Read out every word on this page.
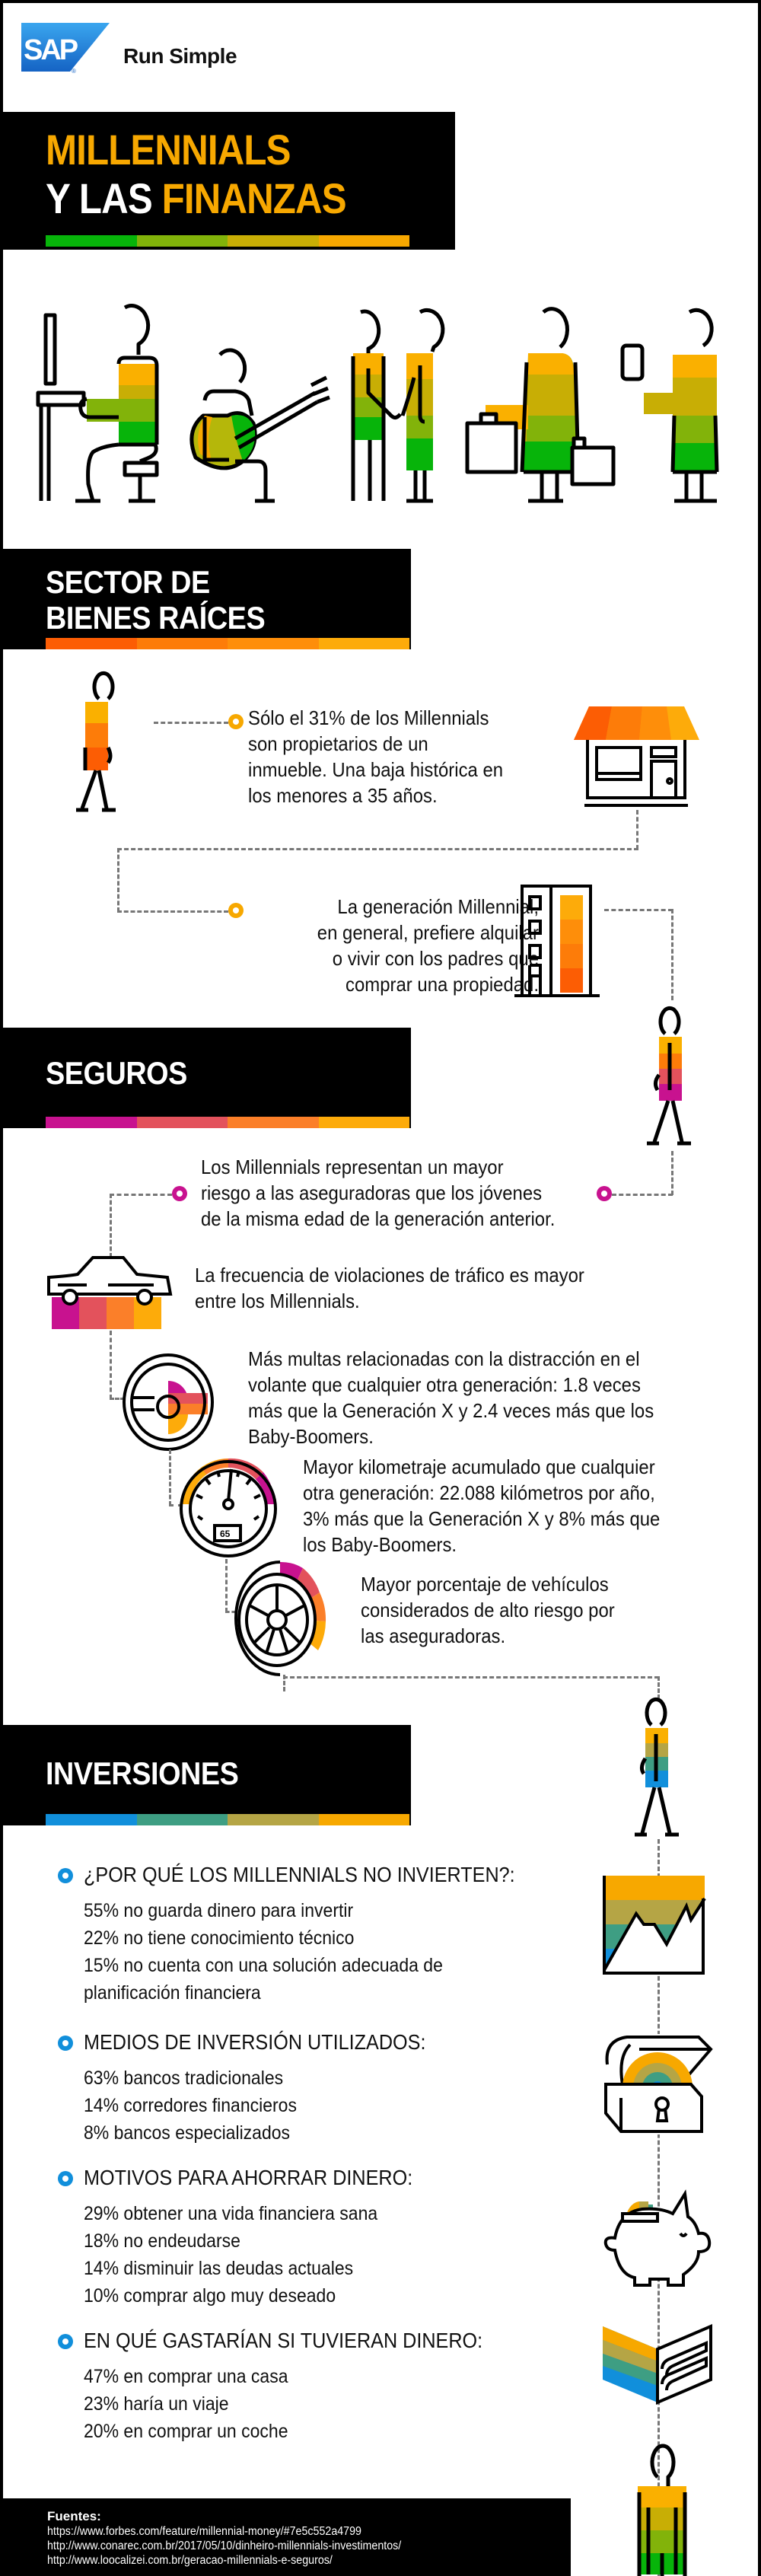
SAP
®
Run Simple
MILLENNIALS
Y LAS FINANZAS
SECTOR DE
BIENES RAÍCES
Sólo el 31% de los Millennials
son propietarios de un
inmueble. Una baja histórica en
los menores a 35 años.
La generación Millennial,
en general, prefiere alquilar
o vivir con los padres que
comprar una propiedad.
SEGUROS
Los Millennials representan un mayor
riesgo a las aseguradoras que los jóvenes
de la misma edad de la generación anterior.
La frecuencia de violaciones de tráfico es mayor
entre los Millennials.
Más multas relacionadas con la distracción en el
volante que cualquier otra generación: 1.8 veces
más que la Generación X y 2.4 veces más que los
Baby-Boomers.
65
Mayor kilometraje acumulado que cualquier
otra generación: 22.088 kilómetros por año,
3% más que la Generación X y 8% más que
los Baby-Boomers.
Mayor porcentaje de vehículos
considerados de alto riesgo por
las aseguradoras.
INVERSIONES
¿POR QUÉ LOS MILLENNIALS NO INVIERTEN?:
55% no guarda dinero para invertir
22% no tiene conocimiento técnico
15% no cuenta con una solución adecuada de
planificación financiera
MEDIOS DE INVERSIÓN UTILIZADOS:
63% bancos tradicionales
14% corredores financieros
8% bancos especializados
MOTIVOS PARA AHORRAR DINERO:
29% obtener una vida financiera sana
18% no endeudarse
14% disminuir las deudas actuales
10% comprar algo muy deseado
EN QUÉ GASTARÍAN SI TUVIERAN DINERO:
47% en comprar una casa
23% haría un viaje
20% en comprar un coche
Fuentes:
https://www.forbes.com/feature/millennial-money/#7e5c552a4799
http://www.conarec.com.br/2017/05/10/dinheiro-millennials-investimentos/
http://www.loocalizei.com.br/geracao-millennials-e-seguros/
